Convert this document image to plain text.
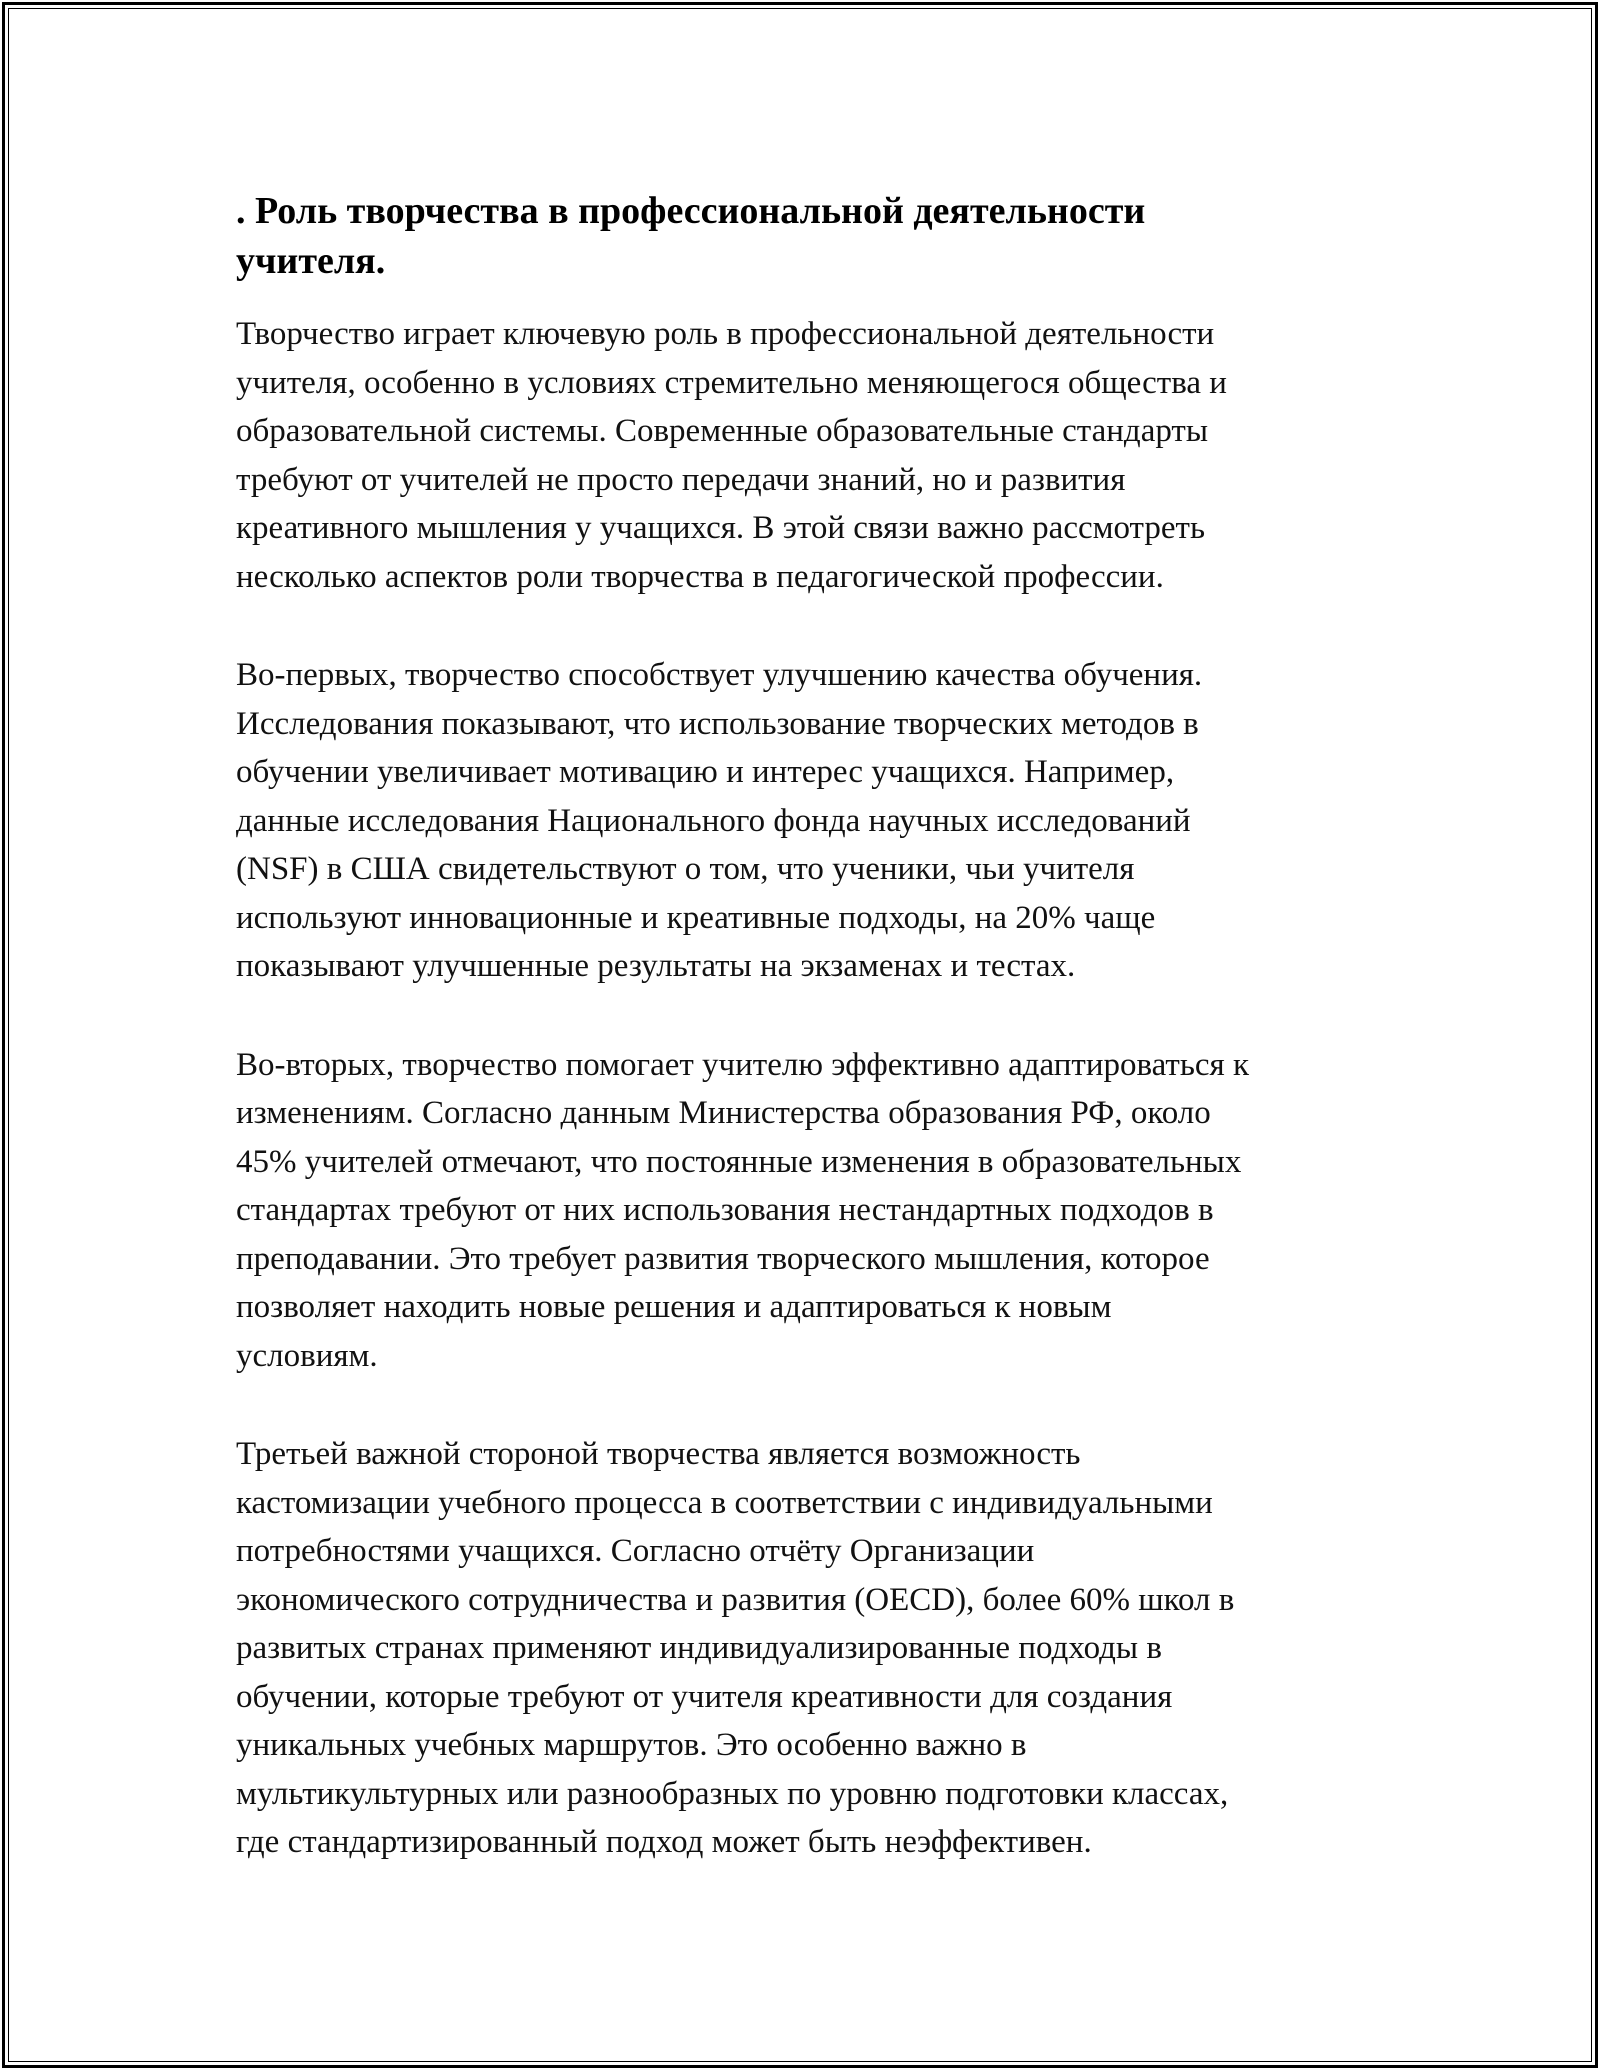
. Роль творчества в профессиональной деятельности
учителя.

Творчество играет ключевую роль в профессиональной деятельности
учителя, особенно в условиях стремительно меняющегося общества и
образовательной системы. Современные образовательные стандарты
требуют от учителей не просто передачи знаний, но и развития
креативного мышления у учащихся. В этой связи важно рассмотреть
несколько аспектов роли творчества в педагогической профессии.

Во-первых, творчество способствует улучшению качества обучения.
Исследования показывают, что использование творческих методов в
обучении увеличивает мотивацию и интерес учащихся. Например,
данные исследования Национального фонда научных исследований
(NSF) в США свидетельствуют о том, что ученики, чьи учителя
используют инновационные и креативные подходы, на 20% чаще
показывают улучшенные результаты на экзаменах и тестах.

Во-вторых, творчество помогает учителю эффективно адаптироваться к
изменениям. Согласно данным Министерства образования РФ, около
45% учителей отмечают, что постоянные изменения в образовательных
стандартах требуют от них использования нестандартных подходов в
преподавании. Это требует развития творческого мышления, которое
позволяет находить новые решения и адаптироваться к новым
условиям.

Третьей важной стороной творчества является возможность
кастомизации учебного процесса в соответствии с индивидуальными
потребностями учащихся. Согласно отчёту Организации
экономического сотрудничества и развития (OECD), более 60% школ в
развитых странах применяют индивидуализированные подходы в
обучении, которые требуют от учителя креативности для создания
уникальных учебных маршрутов. Это особенно важно в
мультикультурных или разнообразных по уровню подготовки классах,
где стандартизированный подход может быть неэффективен.
